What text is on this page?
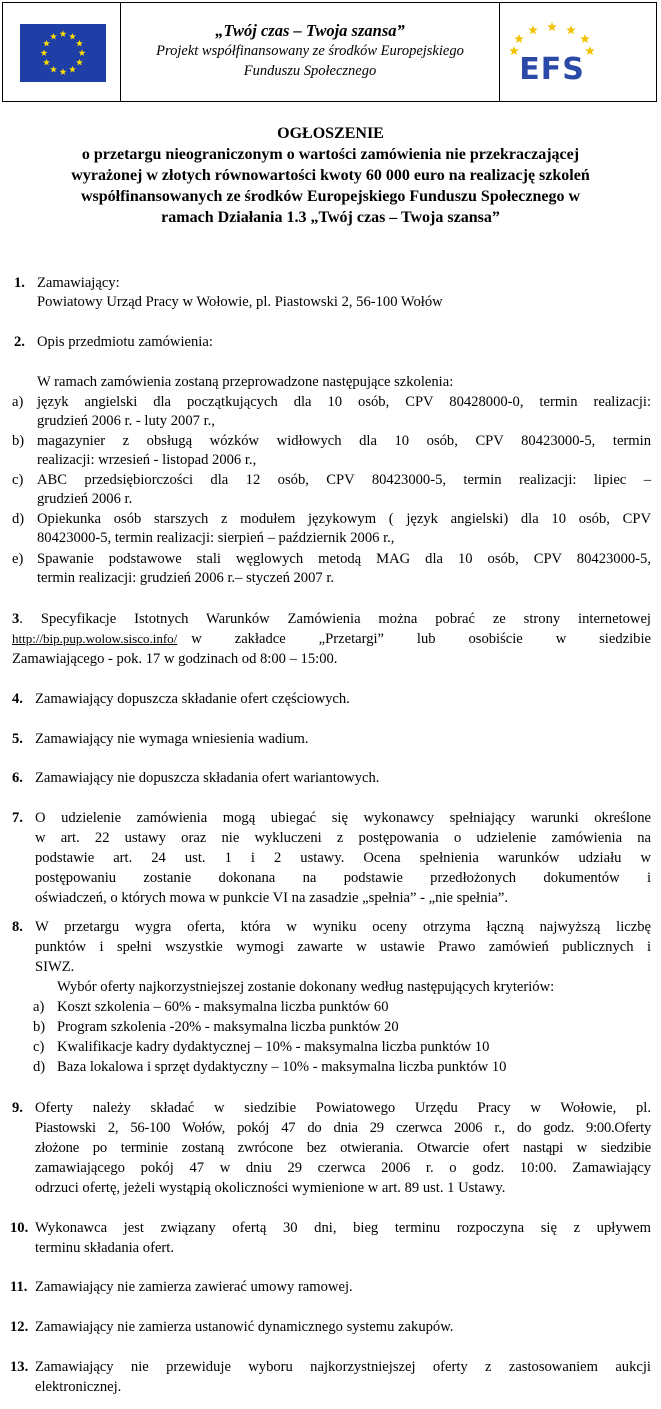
„Twój czas – Twoja szansa”
Projekt współfinansowany ze środków Europejskiego
Funduszu Społecznego	EFS
OGŁOSZENIE
o przetargu nieograniczonym o wartości zamówienia nie przekraczającej
wyrażonej w złotych równowartości kwoty 60 000 euro na realizację szkoleń
współfinansowanych ze środków Europejskiego Funduszu Społecznego w
ramach Działania 1.3 „Twój czas – Twoja szansa”
1. Zamawiający:
Powiatowy Urząd Pracy w Wołowie, pl. Piastowski 2, 56-100 Wołów
2. Opis przedmiotu zamówienia:
W ramach zamówienia zostaną przeprowadzone następujące szkolenia:
a) język angielski dla początkujących dla 10 osób, CPV 80428000-0, termin realizacji:
grudzień 2006 r. - luty 2007 r.,
b) magazynier z obsługą wózków widłowych dla 10 osób, CPV 80423000-5, termin
realizacji: wrzesień - listopad 2006 r.,
c) ABC przedsiębiorczości dla 12 osób, CPV 80423000-5, termin realizacji: lipiec –
grudzień 2006 r.
d) Opiekunka osób starszych z modułem językowym ( język angielski) dla 10 osób, CPV
80423000-5, termin realizacji: sierpień – październik 2006 r.,
e) Spawanie podstawowe stali węglowych metodą MAG dla 10 osób, CPV 80423000-5,
termin realizacji: grudzień 2006 r.– styczeń 2007 r.
3 . Specyfikacje Istotnych Warunków Zamówienia można pobrać ze strony internetowej
http://bip.pup.wolow.sisco.info/ w zakładce „Przetargi” lub osobiście w siedzibie
Zamawiającego - pok. 17 w godzinach od 8:00 – 15:00.
4. Zamawiający dopuszcza składanie ofert częściowych.
5. Zamawiający nie wymaga wniesienia wadium.
6. Zamawiający nie dopuszcza składania ofert wariantowych.
7. O udzielenie zamówienia mogą ubiegać się wykonawcy spełniający warunki określone
w art. 22 ustawy oraz nie wykluczeni z postępowania o udzielenie zamówienia na
podstawie art. 24 ust. 1 i 2 ustawy. Ocena spełnienia warunków udziału w
postępowaniu zostanie dokonana na podstawie przedłożonych dokumentów i
oświadczeń, o których mowa w punkcie VI na zasadzie „spełnia” - „nie spełnia”.
8. W przetargu wygra oferta, która w wyniku oceny otrzyma łączną najwyższą liczbę
punktów i spełni wszystkie wymogi zawarte w ustawie Prawo zamówień publicznych i
SIWZ.
Wybór oferty najkorzystniejszej zostanie dokonany według następujących kryteriów:
a) Koszt szkolenia – 60% - maksymalna liczba punktów 60
b) Program szkolenia -20% - maksymalna liczba punktów 20
c) Kwalifikacje kadry dydaktycznej – 10% - maksymalna liczba punktów 10
d) Baza lokalowa i sprzęt dydaktyczny – 10% - maksymalna liczba punktów 10
9. Oferty należy składać w siedzibie Powiatowego Urzędu Pracy w Wołowie, pl.
Piastowski 2, 56-100 Wołów, pokój 47 do dnia 29 czerwca 2006 r., do godz. 9:00.Oferty
złożone po terminie zostaną zwrócone bez otwierania. Otwarcie ofert nastąpi w siedzibie
zamawiającego pokój 47 w dniu 29 czerwca 2006 r. o godz. 10:00. Zamawiający
odrzuci ofertę, jeżeli wystąpią okoliczności wymienione w art. 89 ust. 1 Ustawy.
10. Wykonawca jest związany ofertą 30 dni, bieg terminu rozpoczyna się z upływem
terminu składania ofert.
11. Zamawiający nie zamierza zawierać umowy ramowej.
12. Zamawiający nie zamierza ustanowić dynamicznego systemu zakupów.
13. Zamawiający nie przewiduje wyboru najkorzystniejszej oferty z zastosowaniem aukcji
elektronicznej.
